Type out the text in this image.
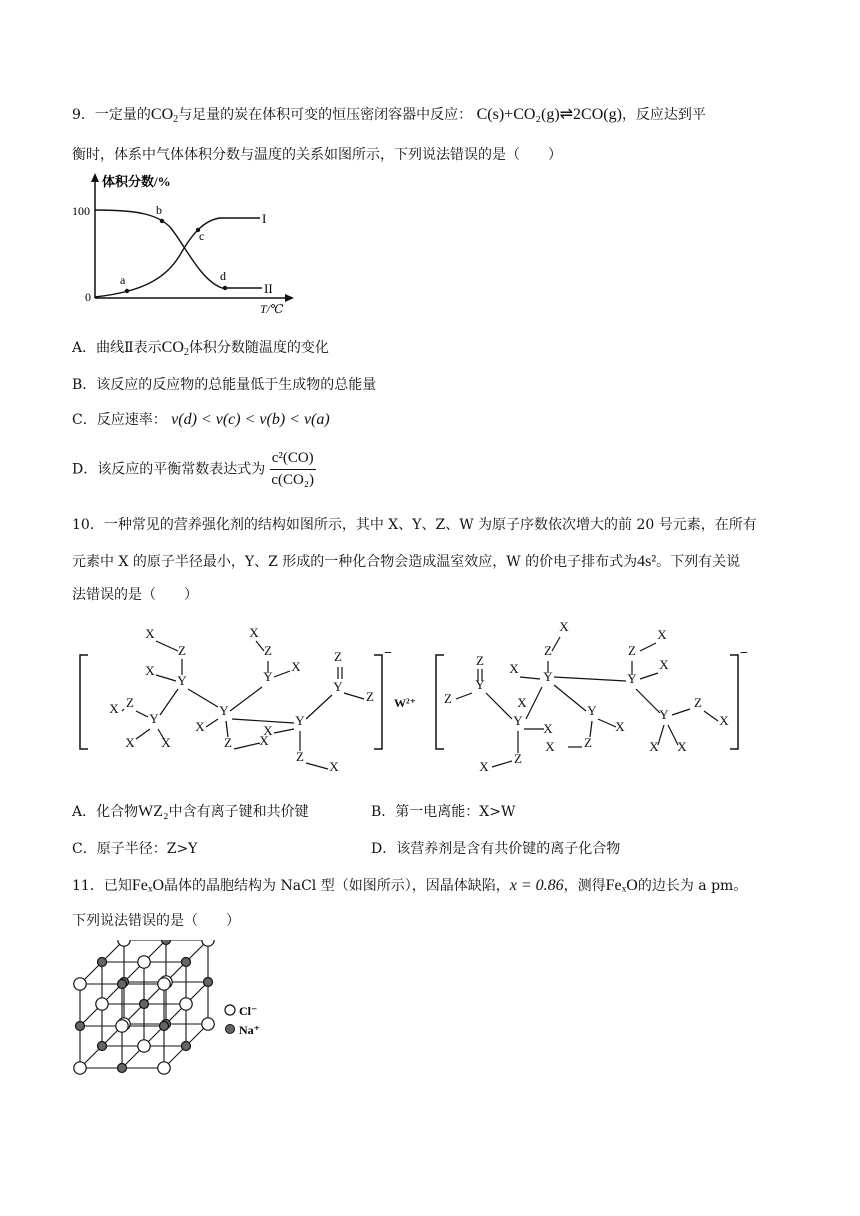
9．一定量的$CO_2$与足量的炭在体积可变的恒压密闭容器中反应： C(s)+CO₂(g)⇌2CO(g)，反应达到平
衡时，体系中气体体积分数与温度的关系如图所示，下列说法错误的是（　　）
体积分数/%
100
0
T/℃
I
II
a
b
c
d
A．曲线Ⅱ表示$CO_2$体积分数随温度的变化
B．该反应的反应物的总能量低于生成物的总能量
C．反应速率： v(d) < v(c) < v(b) < v(a)
D．该反应的平衡常数表达式为 $\frac{\text{c²(CO)}}{\text{c(CO₂)}}$
10．一种常见的营养强化剂的结构如图所示，其中 X、Y、Z、W 为原子序数依次增大的前 20 号元素，在所有
元素中 X 的原子半径最小，Y、Z 形成的一种化合物会造成温室效应，W 的价电子排布式为4s²。下列有关说
法错误的是（　　）
−
W²⁺
−
X
Z
X
Y
X Z
Y
X X
Y
X
Z X
Y
Z
X
X
Y
X
Z
X
Z
Y
Z
Z
Y
Z
X
Y
Z
X
X
Y
Z
X
X
Y
Z
X
X
Y
Z
X
X
Y
Z
X
X X
A．化合物WZ₂中含有离子键和共价键	B．第一电离能：X>W
C．原子半径：Z>Y	D．该营养剂是含有共价键的离子化合物
11．已知FeₓO晶体的晶胞结构为 NaCl 型（如图所示），因晶体缺陷，x = 0.86，测得FeₓO的边长为 a pm。
下列说法错误的是（　　）
Cl⁻
Na⁺
